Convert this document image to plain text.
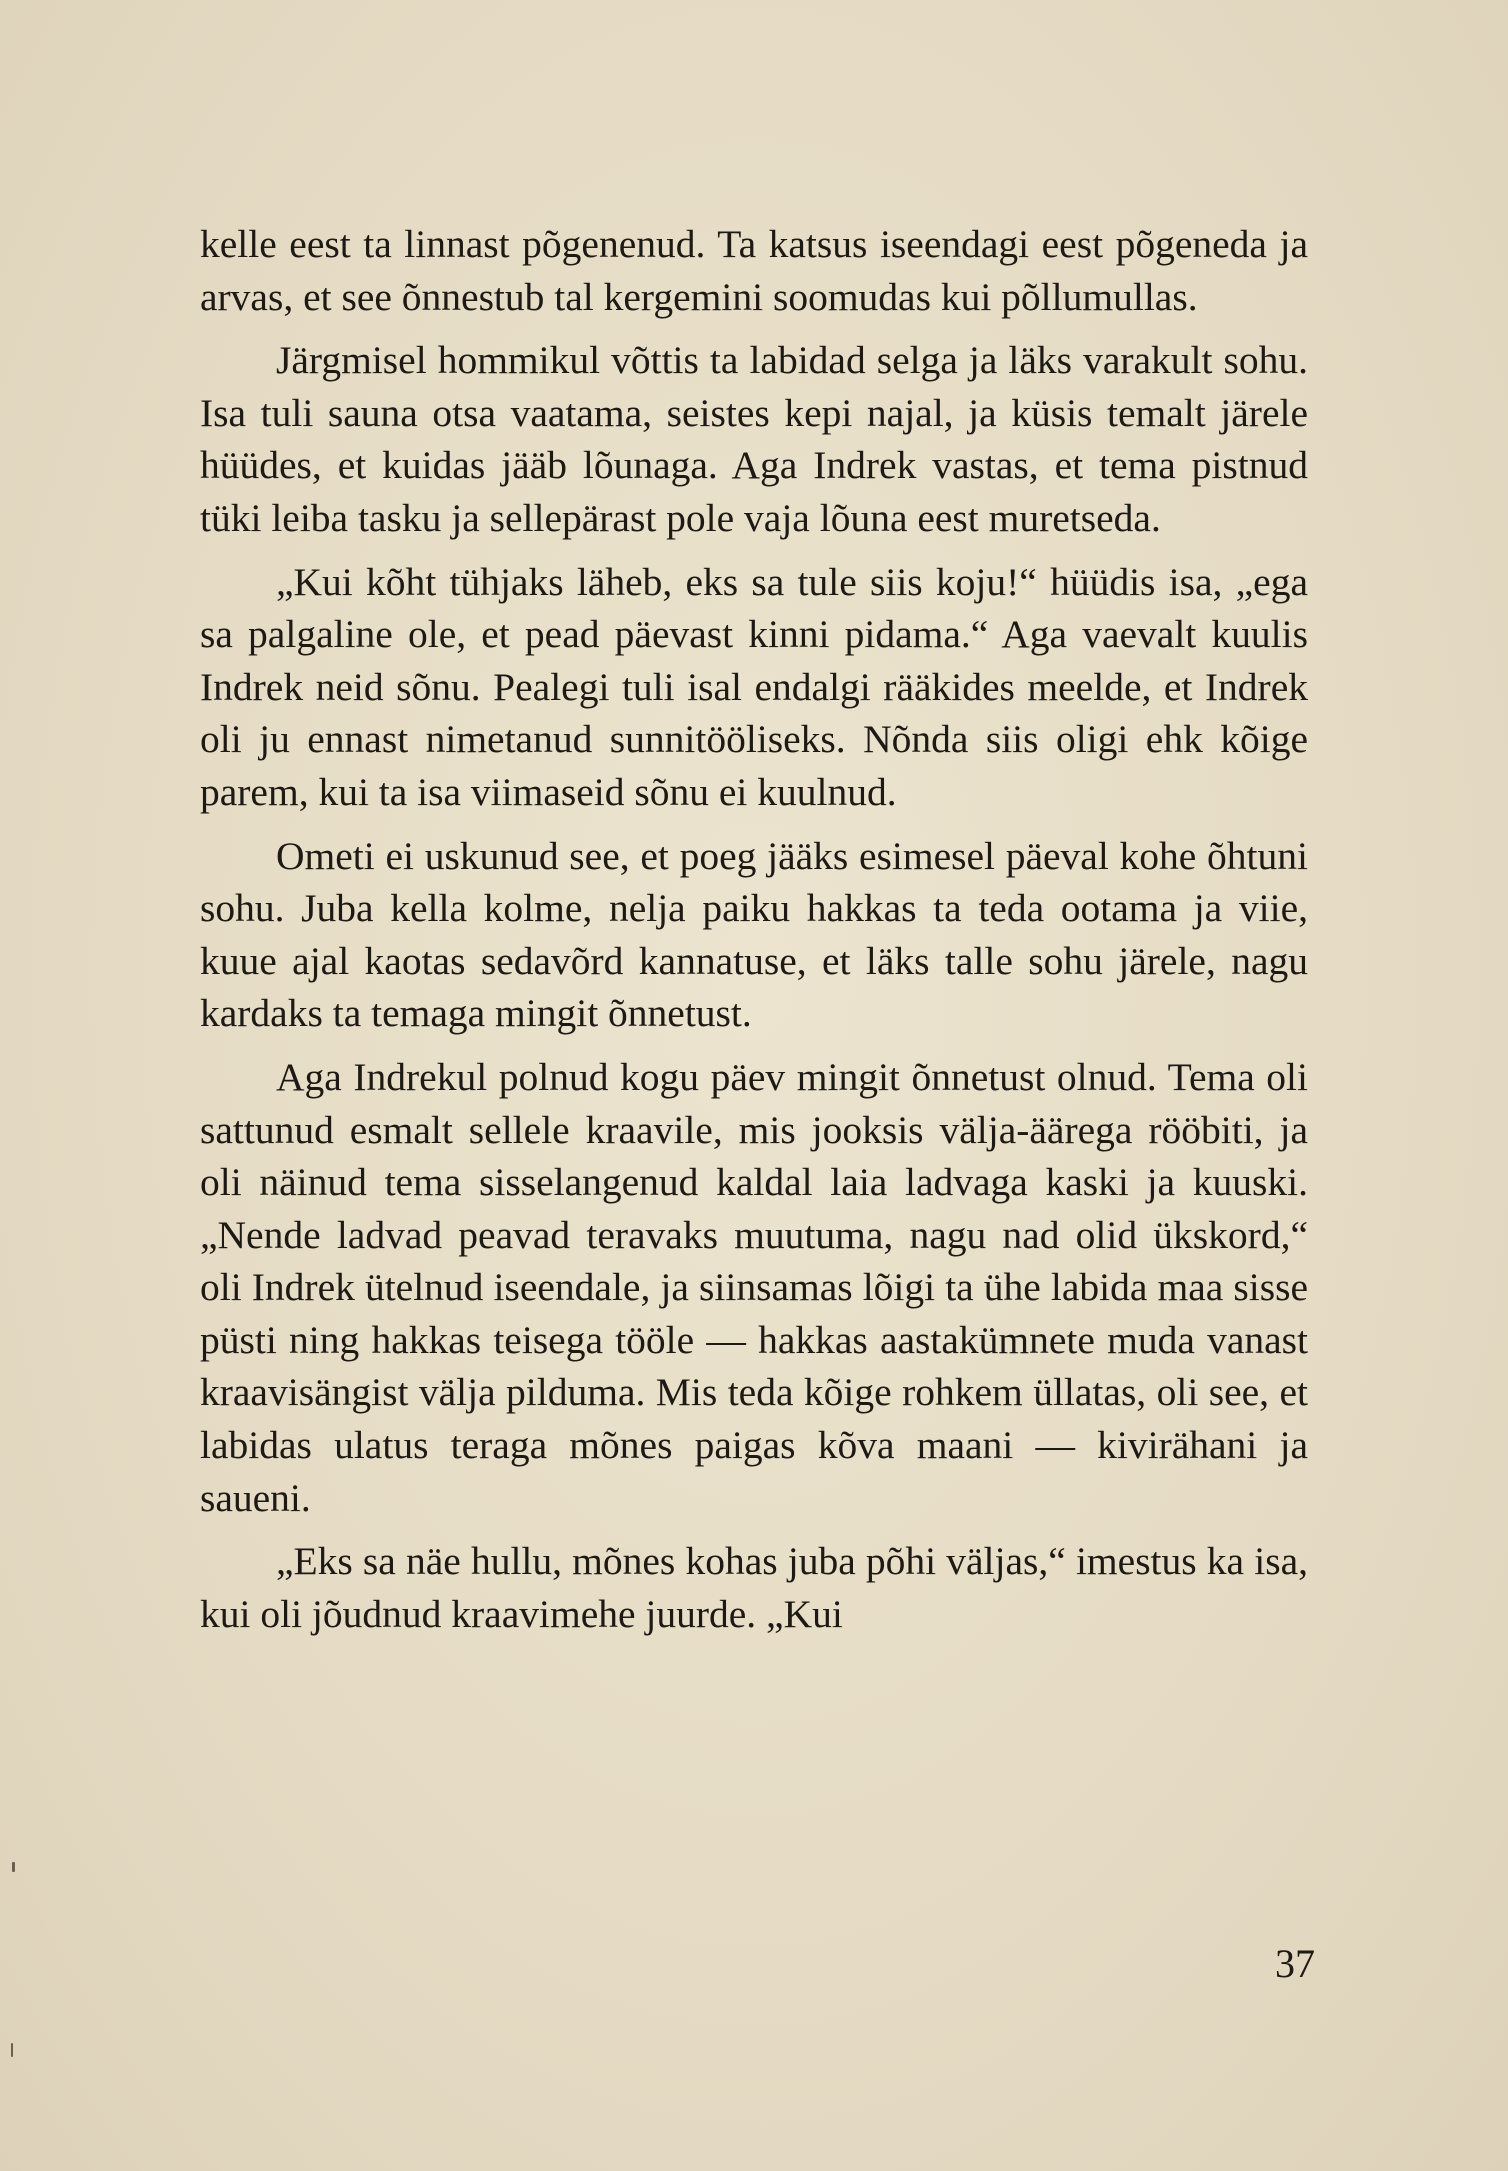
kelle eest ta linnast põgenenud. Ta katsus iseendagi eest põgeneda ja arvas, et see õnnestub tal kergemini soomudas kui põllumullas.

Järgmisel hommikul võttis ta labidad selga ja läks varakult sohu. Isa tuli sauna otsa vaatama, seistes kepi najal, ja küsis temalt järele hüüdes, et kuidas jääb lõunaga. Aga Indrek vastas, et tema pistnud tüki leiba tasku ja sellepärast pole vaja lõuna eest muretseda.

„Kui kõht tühjaks läheb, eks sa tule siis koju!“ hüüdis isa, „ega sa palgaline ole, et pead päevast kinni pidama.“ Aga vaevalt kuulis Indrek neid sõnu. Pealegi tuli isal endalgi rääkides meelde, et Indrek oli ju ennast nimetanud sunnitööliseks. Nõnda siis oligi ehk kõige parem, kui ta isa viimaseid sõnu ei kuulnud.

Ometi ei uskunud see, et poeg jääks esimesel päeval kohe õhtuni sohu. Juba kella kolme, nelja paiku hakkas ta teda ootama ja viie, kuue ajal kaotas sedavõrd kannatuse, et läks talle sohu järele, nagu kardaks ta temaga mingit õnnetust.

Aga Indrekul polnud kogu päev mingit õnnetust olnud. Tema oli sattunud esmalt sellele kraavile, mis jooksis välja-äärega rööbiti, ja oli näinud tema sisselangenud kaldal laia ladvaga kaski ja kuuski. „Nende ladvad peavad teravaks muutuma, nagu nad olid ükskord,“ oli Indrek ütelnud iseendale, ja siinsamas lõigi ta ühe labida maa sisse püsti ning hakkas teisega tööle — hakkas aastakümnete muda vanast kraavisängist välja pilduma. Mis teda kõige rohkem üllatas, oli see, et labidas ulatus teraga mõnes paigas kõva maani — kivirähani ja saueni.

„Eks sa näe hullu, mõnes kohas juba põhi väljas,“ imestus ka isa, kui oli jõudnud kraavimehe juurde. „Kui

37
